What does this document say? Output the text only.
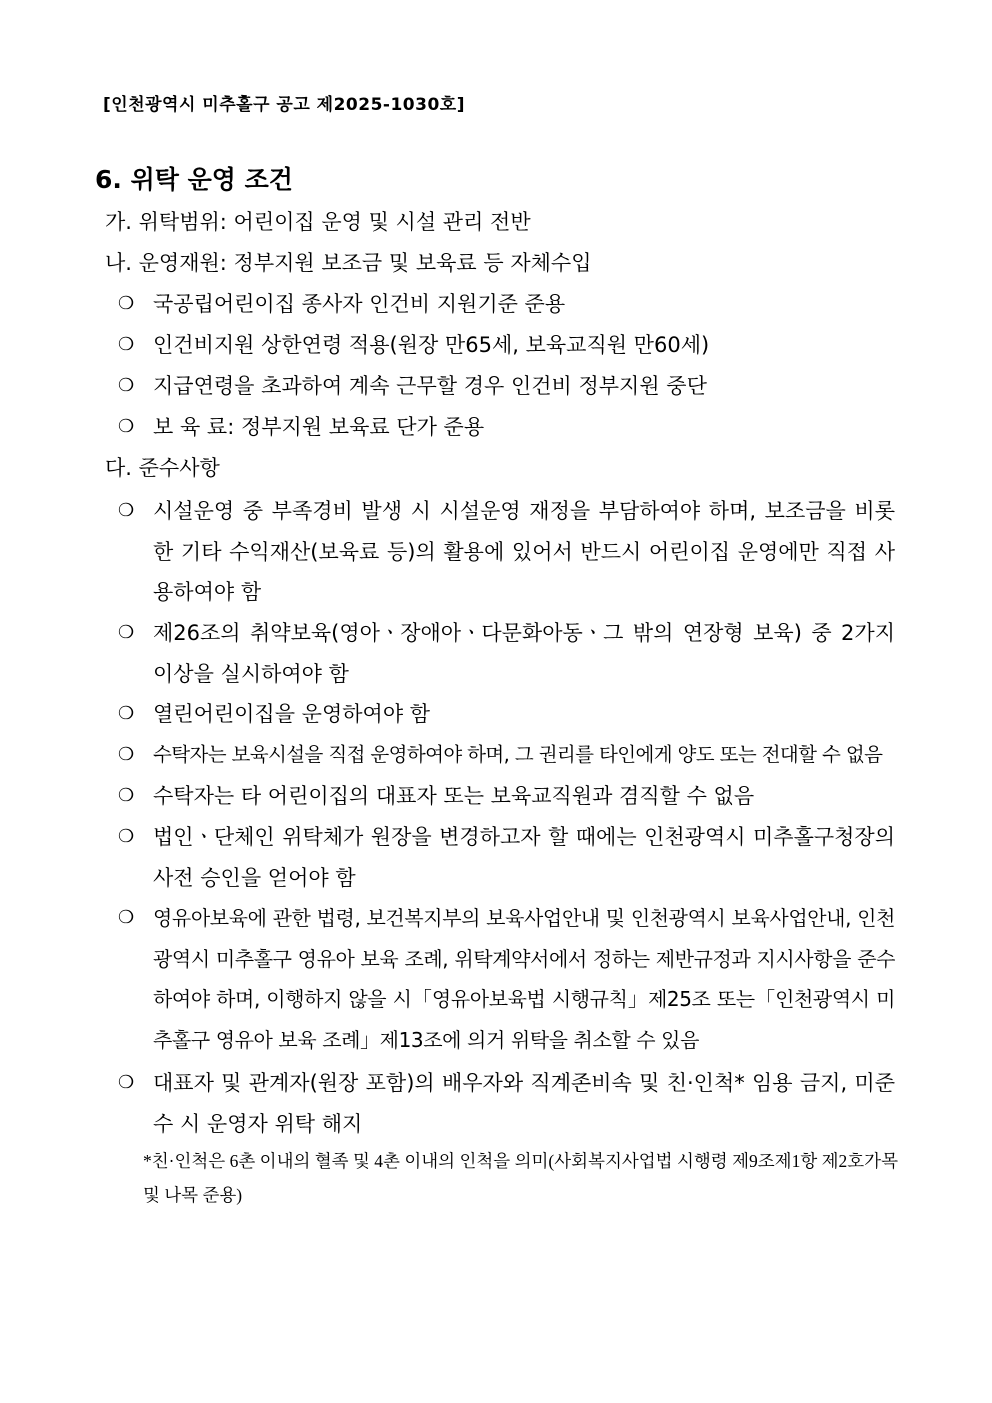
[인천광역시 미추홀구 공고 제2025-1030호]
6. 위탁 운영 조건
가. 위탁범위: 어린이집 운영 및 시설 관리 전반
나. 운영재원: 정부지원 보조금 및 보육료 등 자체수입
❍ 국공립어린이집 종사자 인건비 지원기준 준용
❍ 인건비지원 상한연령 적용(원장 만65세, 보육교직원 만60세)
❍ 지급연령을 초과하여 계속 근무할 경우 인건비 정부지원 중단
❍ 보 육 료: 정부지원 보육료 단가 준용
다. 준수사항
❍ 시설운영 중 부족경비 발생 시 시설운영 재정을 부담하여야 하며, 보조금을 비롯한 기타 수익재산(보육료 등)의 활용에 있어서 반드시 어린이집 운영에만 직접 사용하여야 함
❍ 제26조의 취약보육(영아ㆍ장애아ㆍ다문화아동ㆍ그 밖의 연장형 보육) 중 2가지 이상을 실시하여야 함
❍ 열린어린이집을 운영하여야 함
❍ 수탁자는 보육시설을 직접 운영하여야 하며, 그 권리를 타인에게 양도 또는 전대할 수 없음
❍ 수탁자는 타 어린이집의 대표자 또는 보육교직원과 겸직할 수 없음
❍ 법인ㆍ단체인 위탁체가 원장을 변경하고자 할 때에는 인천광역시 미추홀구청장의 사전 승인을 얻어야 함
❍ 영유아보육에 관한 법령, 보건복지부의 보육사업안내 및 인천광역시 보육사업안내, 인천광역시 미추홀구 영유아 보육 조례, 위탁계약서에서 정하는 제반규정과 지시사항을 준수하여야 하며, 이행하지 않을 시「영유아보육법 시행규칙」제25조 또는「인천광역시 미추홀구 영유아 보육 조례」제13조에 의거 위탁을 취소할 수 있음
❍ 대표자 및 관계자(원장 포함)의 배우자와 직계존비속 및 친·인척* 임용 금지, 미준수 시 운영자 위탁 해지
*친·인척은 6촌 이내의 혈족 및 4촌 이내의 인척을 의미(사회복지사업법 시행령 제9조제1항 제2호가목 및 나목 준용)
